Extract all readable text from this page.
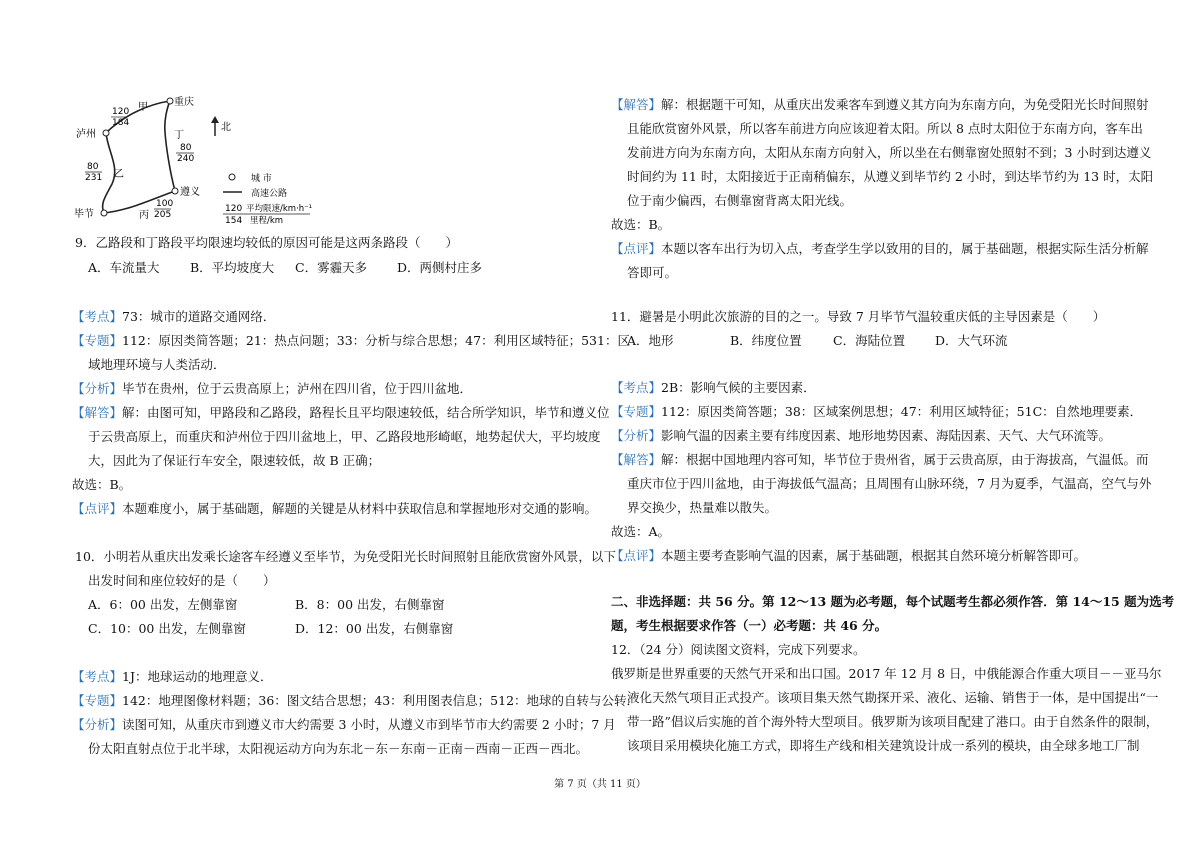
重庆
泸州
遵义
毕节
甲
乙
丙
丁
120
184
80
231
80
240
100
205
北
城 市
高速公路
120
154
平均限速/km·h⁻¹
里程/km
9．乙路段和丁路段平均限速均较低的原因可能是这两条路段（　　）
A．车流量大 B．平均坡度大 C．雾霾天多 D．两侧村庄多
【考点】73：城市的道路交通网络．
【专题】112：原因类简答题；21：热点问题；33：分析与综合思想；47：利用区域特征；531：区
域地理环境与人类活动．
【分析】毕节在贵州，位于云贵高原上；泸州在四川省，位于四川盆地．
【解答】解：由图可知，甲路段和乙路段，路程长且平均限速较低，结合所学知识，毕节和遵义位
于云贵高原上，而重庆和泸州位于四川盆地上，甲、乙路段地形崎岖，地势起伏大，平均坡度
大，因此为了保证行车安全，限速较低，故 B 正确；
故选：B。
【点评】本题难度小，属于基础题，解题的关键是从材料中获取信息和掌握地形对交通的影响。
10．小明若从重庆出发乘长途客车经遵义至毕节，为免受阳光长时间照射且能欣赏窗外风景，以下
出发时间和座位较好的是（　　）
A．6：00 出发，左侧靠窗	B．8：00 出发，右侧靠窗
C．10：00 出发，左侧靠窗	D．12：00 出发，右侧靠窗
【考点】1J：地球运动的地理意义．
【专题】142：地理图像材料题；36：图文结合思想；43：利用图表信息；512：地球的自转与公转．
【分析】读图可知，从重庆市到遵义市大约需要 3 小时，从遵义市到毕节市大约需要 2 小时；7 月
份太阳直射点位于北半球，太阳视运动方向为东北－东－东南－正南－西南－正西－西北。
【解答】解：根据题干可知，从重庆出发乘客车到遵义其方向为东南方向，为免受阳光长时间照射
且能欣赏窗外风景，所以客车前进方向应该迎着太阳。所以 8 点时太阳位于东南方向，客车出
发前进方向为东南方向，太阳从东南方向射入，所以坐在右侧靠窗处照射不到；3 小时到达遵义
时间约为 11 时，太阳接近于正南稍偏东，从遵义到毕节约 2 小时，到达毕节约为 13 时，太阳
位于南少偏西，右侧靠窗背离太阳光线。
故选：B。
【点评】本题以客车出行为切入点，考查学生学以致用的目的，属于基础题，根据实际生活分析解
答即可。
11．避暑是小明此次旅游的目的之一。导致 7 月毕节气温较重庆低的主导因素是（　　）
A．地形	B．纬度位置	C．海陆位置 D．大气环流
【考点】2B：影响气候的主要因素．
【专题】112：原因类简答题；38：区域案例思想；47：利用区域特征；51C：自然地理要素．
【分析】影响气温的因素主要有纬度因素、地形地势因素、海陆因素、天气、大气环流等。
【解答】解：根据中国地理内容可知，毕节位于贵州省，属于云贵高原，由于海拔高，气温低。而
重庆市位于四川盆地，由于海拔低气温高；且周围有山脉环绕，7 月为夏季，气温高，空气与外
界交换少，热量难以散失。
故选：A。
【点评】本题主要考查影响气温的因素，属于基础题，根据其自然环境分析解答即可。
二、非选择题：共 56 分。第 12～13 题为必考题，每个试题考生都必须作答．第 14～15 题为选考
题，考生根据要求作答（一）必考题：共 46 分。
12．（24 分）阅读图文资料，完成下列要求。
俄罗斯是世界重要的天然气开采和出口国。2017 年 12 月 8 日，中俄能源合作重大项目－－亚马尔
液化天然气项目正式投产。该项目集天然气勘探开采、液化、运输、销售于一体，是中国提出“一
带一路”倡议后实施的首个海外特大型项目。俄罗斯为该项目配建了港口。由于自然条件的限制，
该项目采用模块化施工方式，即将生产线和相关建筑设计成一系列的模块，由全球多地工厂制
第 7 页（共 11 页）
